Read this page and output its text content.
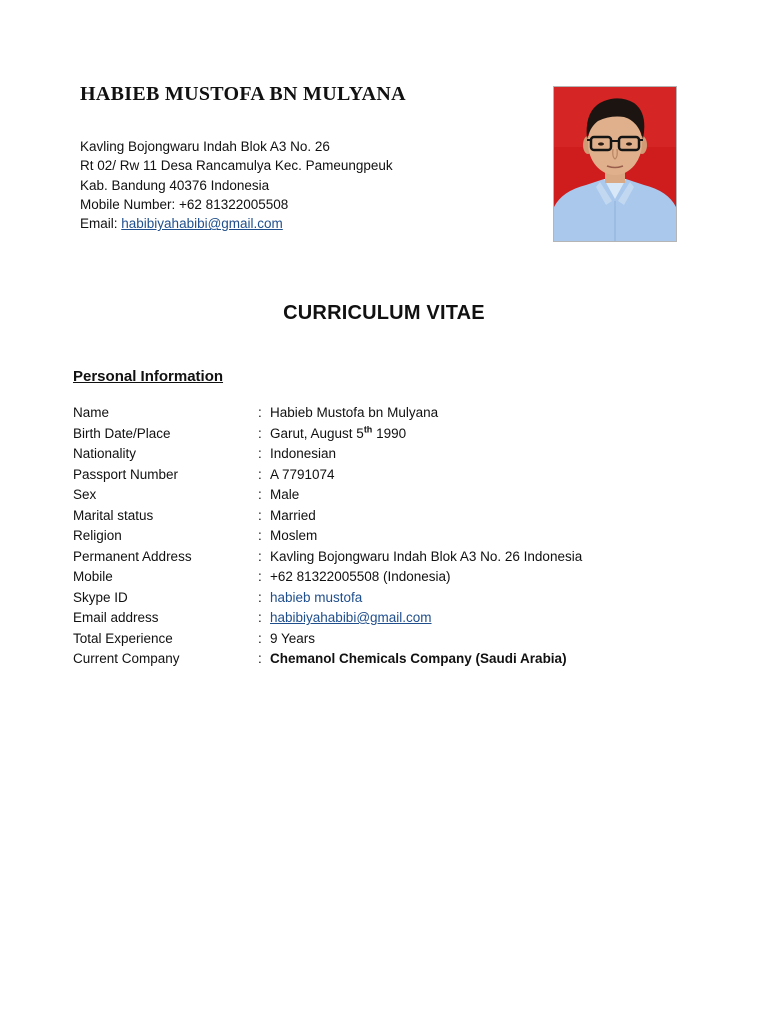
HABIEB MUSTOFA BN MULYANA
Kavling Bojongwaru Indah Blok A3 No. 26
Rt 02/ Rw 11 Desa Rancamulya Kec. Pameungpeuk
Kab. Bandung 40376 Indonesia
Mobile Number: +62 81322005508
Email: habibiyahabibi@gmail.com
CURRICULUM VITAE
Personal Information
Name	: Habieb Mustofa bn Mulyana
Birth Date/Place	: Garut, August 5th 1990
Nationality	: Indonesian
Passport Number	: A 7791074
Sex	: Male
Marital status	: Married
Religion	: Moslem
Permanent Address	: Kavling Bojongwaru Indah Blok A3 No. 26 Indonesia
Mobile	: +62 81322005508 (Indonesia)
Skype ID	: habieb mustofa
Email address	: habibiyahabibi@gmail.com
Total Experience	: 9 Years
Current Company	: Chemanol Chemicals Company (Saudi Arabia)
